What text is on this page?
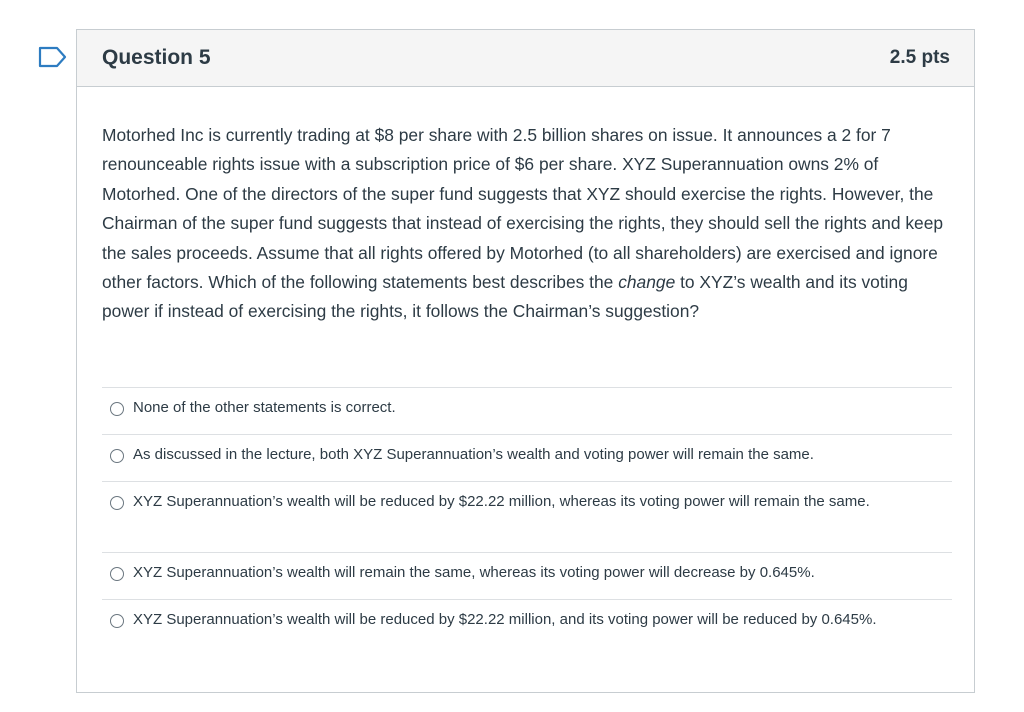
Question 5	2.5 pts

Motorhed Inc is currently trading at $8 per share with 2.5 billion shares on issue. It announces a 2 for 7 renounceable rights issue with a subscription price of $6 per share. XYZ Superannuation owns 2% of Motorhed. One of the directors of the super fund suggests that XYZ should exercise the rights. However, the Chairman of the super fund suggests that instead of exercising the rights, they should sell the rights and keep the sales proceeds. Assume that all rights offered by Motorhed (to all shareholders) are exercised and ignore other factors. Which of the following statements best describes the change to XYZ’s wealth and its voting power if instead of exercising the rights, it follows the Chairman’s suggestion?

None of the other statements is correct.
As discussed in the lecture, both XYZ Superannuation’s wealth and voting power will remain the same.
XYZ Superannuation’s wealth will be reduced by $22.22 million, whereas its voting power will remain the same.
XYZ Superannuation’s wealth will remain the same, whereas its voting power will decrease by 0.645%.
XYZ Superannuation’s wealth will be reduced by $22.22 million, and its voting power will be reduced by 0.645%.
